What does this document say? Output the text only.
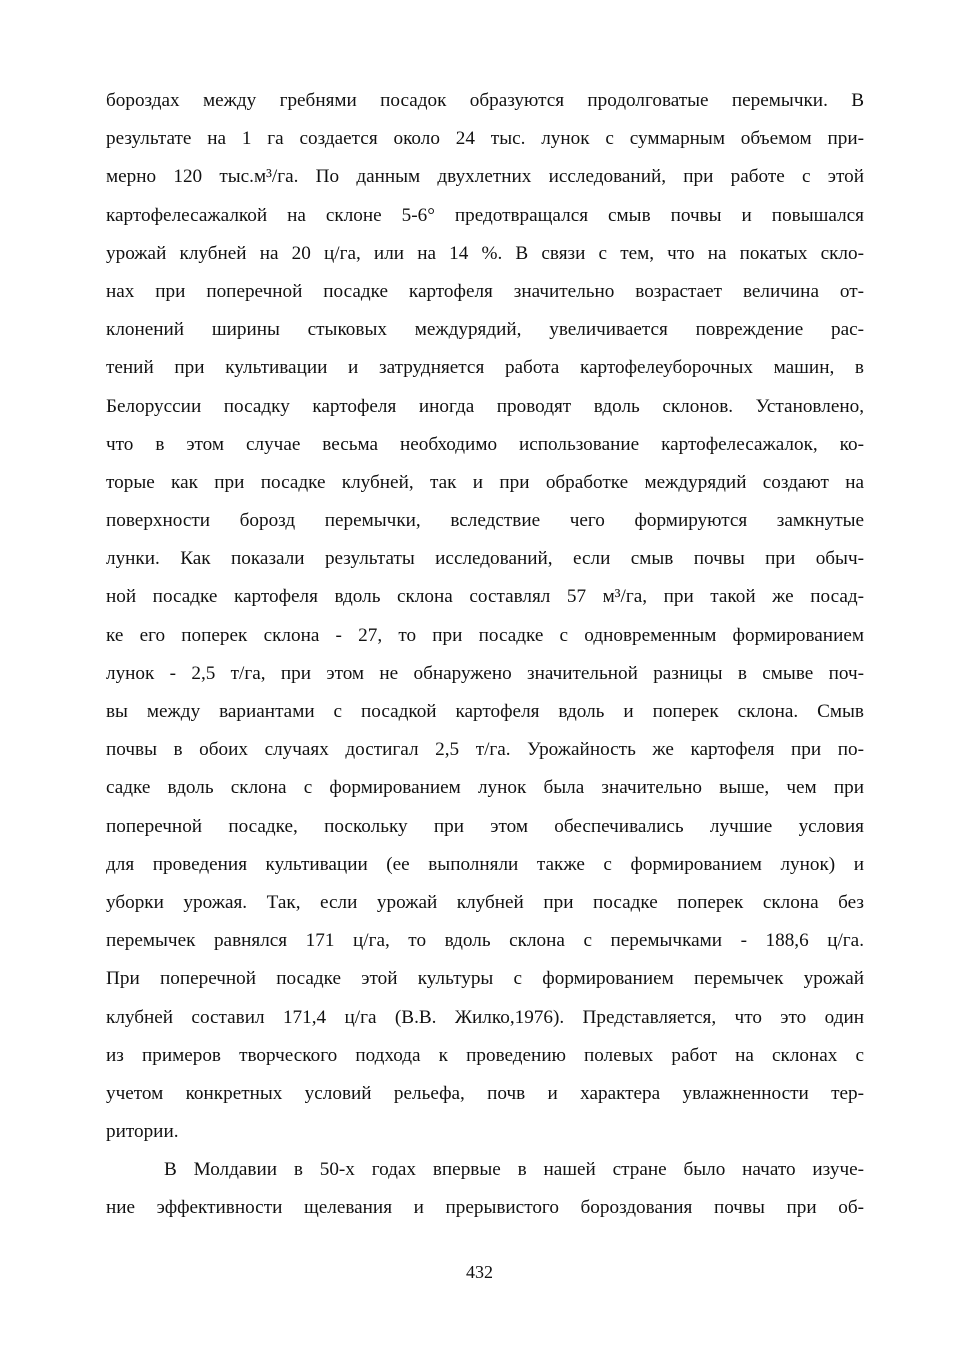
бороздах между гребнями посадок образуются продолговатые перемычки. В
результате на 1 га создается около 24 тыс. лунок с суммарным объемом при-
мерно 120 тыс.м³/га. По данным двухлетних исследований, при работе с этой
картофелесажалкой на склоне 5-6° предотвращался смыв почвы и повышался
урожай клубней на 20 ц/га, или на 14 %. В связи с тем, что на покатых скло-
нах при поперечной посадке картофеля значительно возрастает величина от-
клонений ширины стыковых междурядий, увеличивается повреждение рас-
тений при культивации и затрудняется работа картофелеуборочных машин, в
Белоруссии посадку картофеля иногда проводят вдоль склонов. Установлено,
что в этом случае весьма необходимо использование картофелесажалок, ко-
торые как при посадке клубней, так и при обработке междурядий создают на
поверхности борозд перемычки, вследствие чего формируются замкнутые
лунки. Как показали результаты исследований, если смыв почвы при обыч-
ной посадке картофеля вдоль склона составлял 57 м³/га, при такой же посад-
ке его поперек склона - 27, то при посадке с одновременным формированием
лунок - 2,5 т/га, при этом не обнаружено значительной разницы в смыве поч-
вы между вариантами с посадкой картофеля вдоль и поперек склона. Смыв
почвы в обоих случаях достигал 2,5 т/га. Урожайность же картофеля при по-
садке вдоль склона с формированием лунок была значительно выше, чем при
поперечной посадке, поскольку при этом обеспечивались лучшие условия
для проведения культивации (ее выполняли также с формированием лунок) и
уборки урожая. Так, если урожай клубней при посадке поперек склона без
перемычек равнялся 171 ц/га, то вдоль склона с перемычками - 188,6 ц/га.
При поперечной посадке этой культуры с формированием перемычек урожай
клубней составил 171,4 ц/га (В.В. Жилко,1976). Представляется, что это один
из примеров творческого подхода к проведению полевых работ на склонах с
учетом конкретных условий рельефа, почв и характера увлажненности тер-
ритории.
В Молдавии в 50-х годах впервые в нашей стране было начато изуче-
ние эффективности щелевания и прерывистого бороздования почвы при об-
432
